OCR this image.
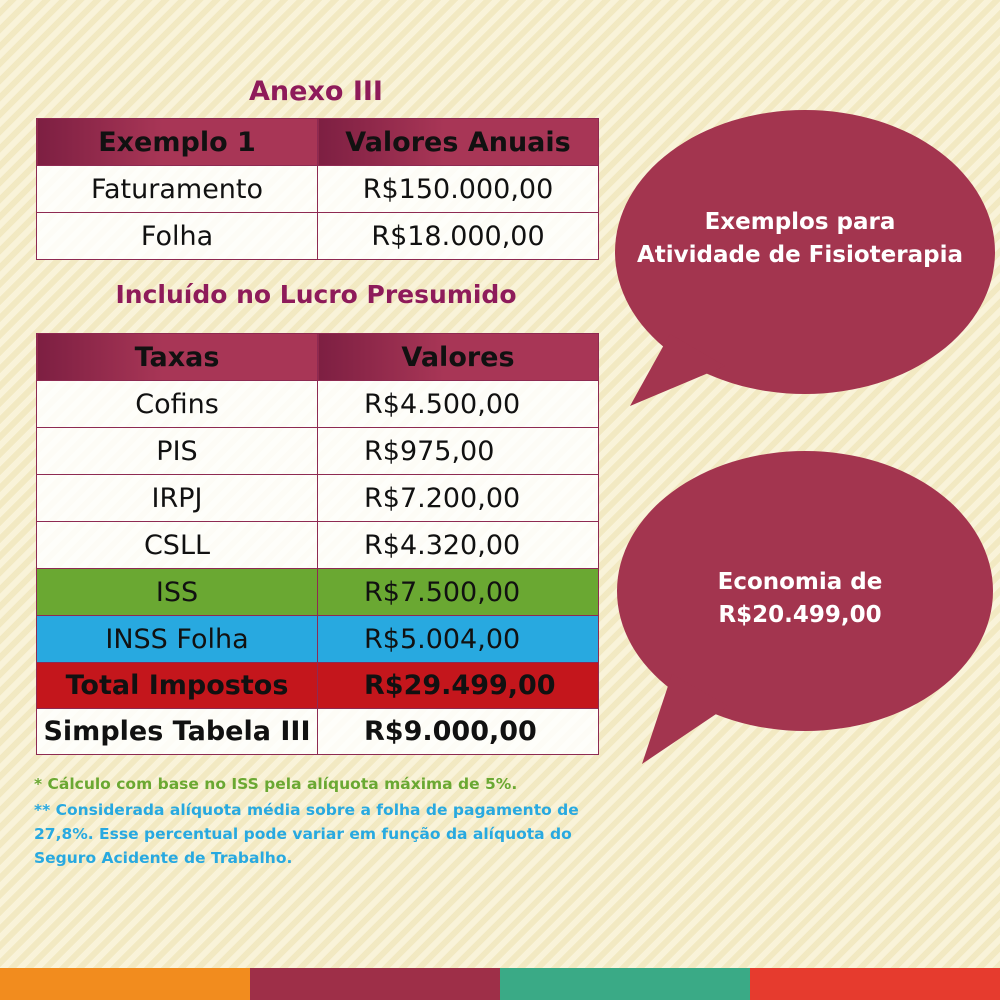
Anexo III
Exemplo 1	Valores Anuais
Faturamento	R$150.000,00
Folha	R$18.000,00
Incluído no Lucro Presumido
Taxas	Valores
Cofins	R$4.500,00
PIS	R$975,00
IRPJ	R$7.200,00
CSLL	R$4.320,00
ISS	R$7.500,00
INSS Folha	R$5.004,00
Total Impostos	R$29.499,00
Simples Tabela III	R$9.000,00
Exemplos para
Atividade de Fisioterapia
Economia de
R$20.499,00

* Cálculo com base no ISS pela alíquota máxima de 5%.

** Considerada alíquota média sobre a folha de pagamento de 27,8%. Esse percentual pode variar em função da alíquota do Seguro Acidente de Trabalho.
